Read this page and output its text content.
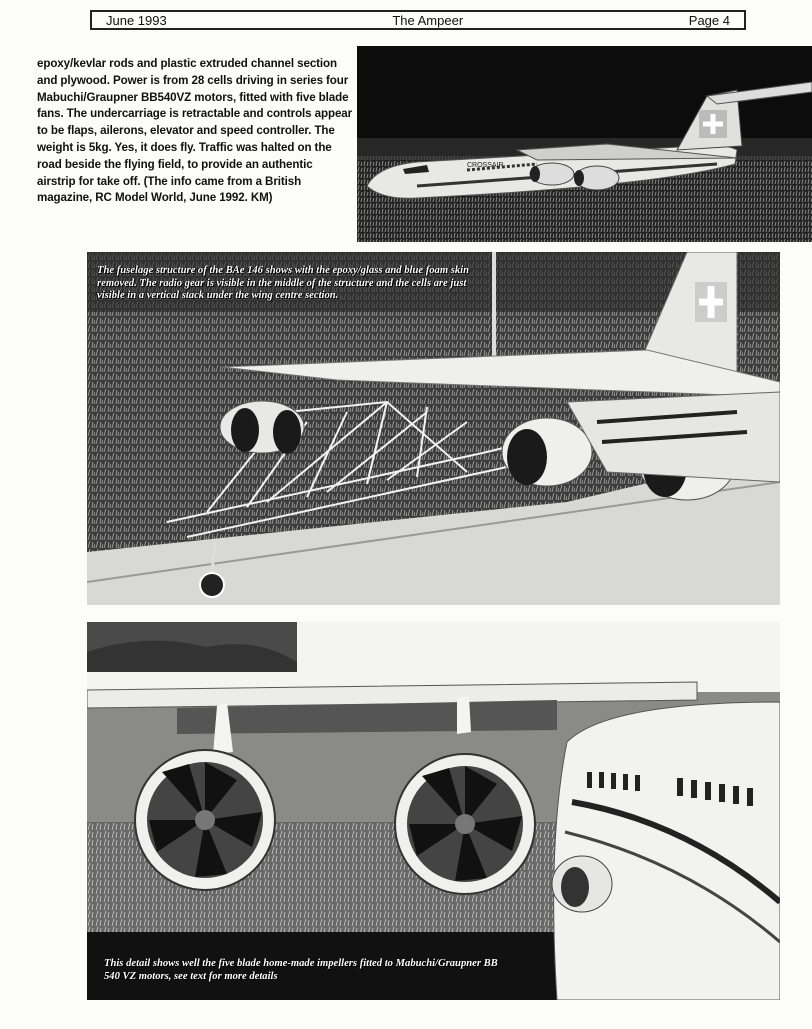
June 1993	The Ampeer	Page 4

epoxy/kevlar rods and plastic extruded channel section and plywood. Power is from 28 cells driving in series four Mabuchi/Graupner BB540VZ motors, fitted with five blade fans. The undercarriage is retractable and controls appear to be flaps, ailerons, elevator and speed controller. The weight is 5kg. Yes, it does fly. Traffic was halted on the road beside the flying field, to provide an authentic airstrip for take off. (The info came from a British magazine, RC Model World, June 1992. KM)

CROSSAIR

The fuselage structure of the BAe 146 shows with the epoxy/glass and blue foam skin removed. The radio gear is visible in the middle of the structure and the cells are just visible in a vertical stack under the wing centre section.

This detail shows well the five blade home-made impellers fitted to Mabuchi/Graupner BB 540 VZ motors, see text for more details
